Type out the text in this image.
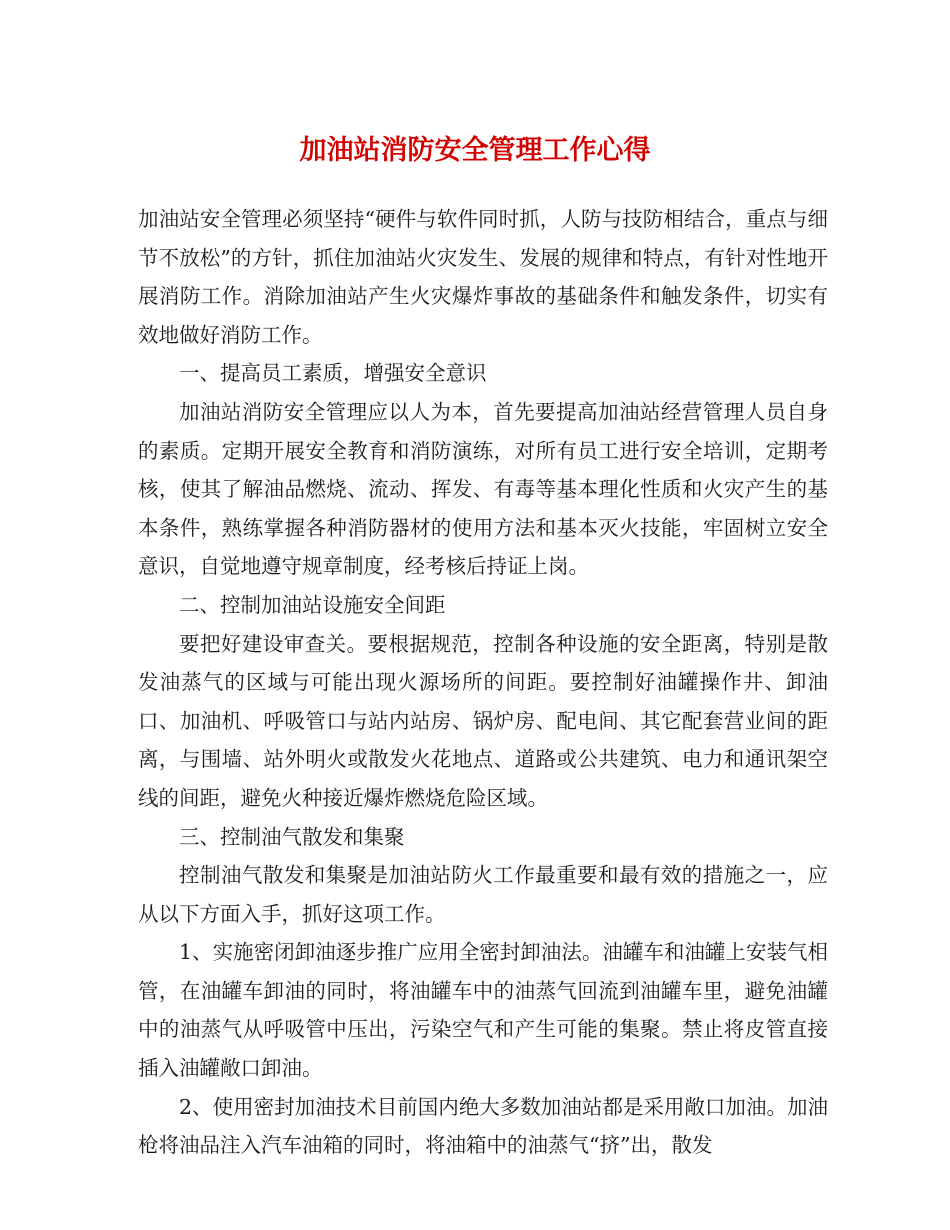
加油站消防安全管理工作心得

加油站安全管理必须坚持“硬件与软件同时抓，人防与技防相结合，重点与细节不放松”的方针，抓住加油站火灾发生、发展的规律和特点，有针对性地开展消防工作。消除加油站产生火灾爆炸事故的基础条件和触发条件，切实有效地做好消防工作。

一、提高员工素质，增强安全意识

加油站消防安全管理应以人为本，首先要提高加油站经营管理人员自身的素质。定期开展安全教育和消防演练，对所有员工进行安全培训，定期考核，使其了解油品燃烧、流动、挥发、有毒等基本理化性质和火灾产生的基本条件，熟练掌握各种消防器材的使用方法和基本灭火技能，牢固树立安全意识，自觉地遵守规章制度，经考核后持证上岗。

二、控制加油站设施安全间距

要把好建设审查关。要根据规范，控制各种设施的安全距离，特别是散发油蒸气的区域与可能出现火源场所的间距。要控制好油罐操作井、卸油口、加油机、呼吸管口与站内站房、锅炉房、配电间、其它配套营业间的距离，与围墙、站外明火或散发火花地点、道路或公共建筑、电力和通讯架空线的间距，避免火种接近爆炸燃烧危险区域。

三、控制油气散发和集聚

控制油气散发和集聚是加油站防火工作最重要和最有效的措施之一，应从以下方面入手，抓好这项工作。

1、实施密闭卸油逐步推广应用全密封卸油法。油罐车和油罐上安装气相管，在油罐车卸油的同时，将油罐车中的油蒸气回流到油罐车里，避免油罐中的油蒸气从呼吸管中压出，污染空气和产生可能的集聚。禁止将皮管直接插入油罐敞口卸油。

2、使用密封加油技术目前国内绝大多数加油站都是采用敞口加油。加油枪将油品注入汽车油箱的同时，将油箱中的油蒸气“挤”出，散发
